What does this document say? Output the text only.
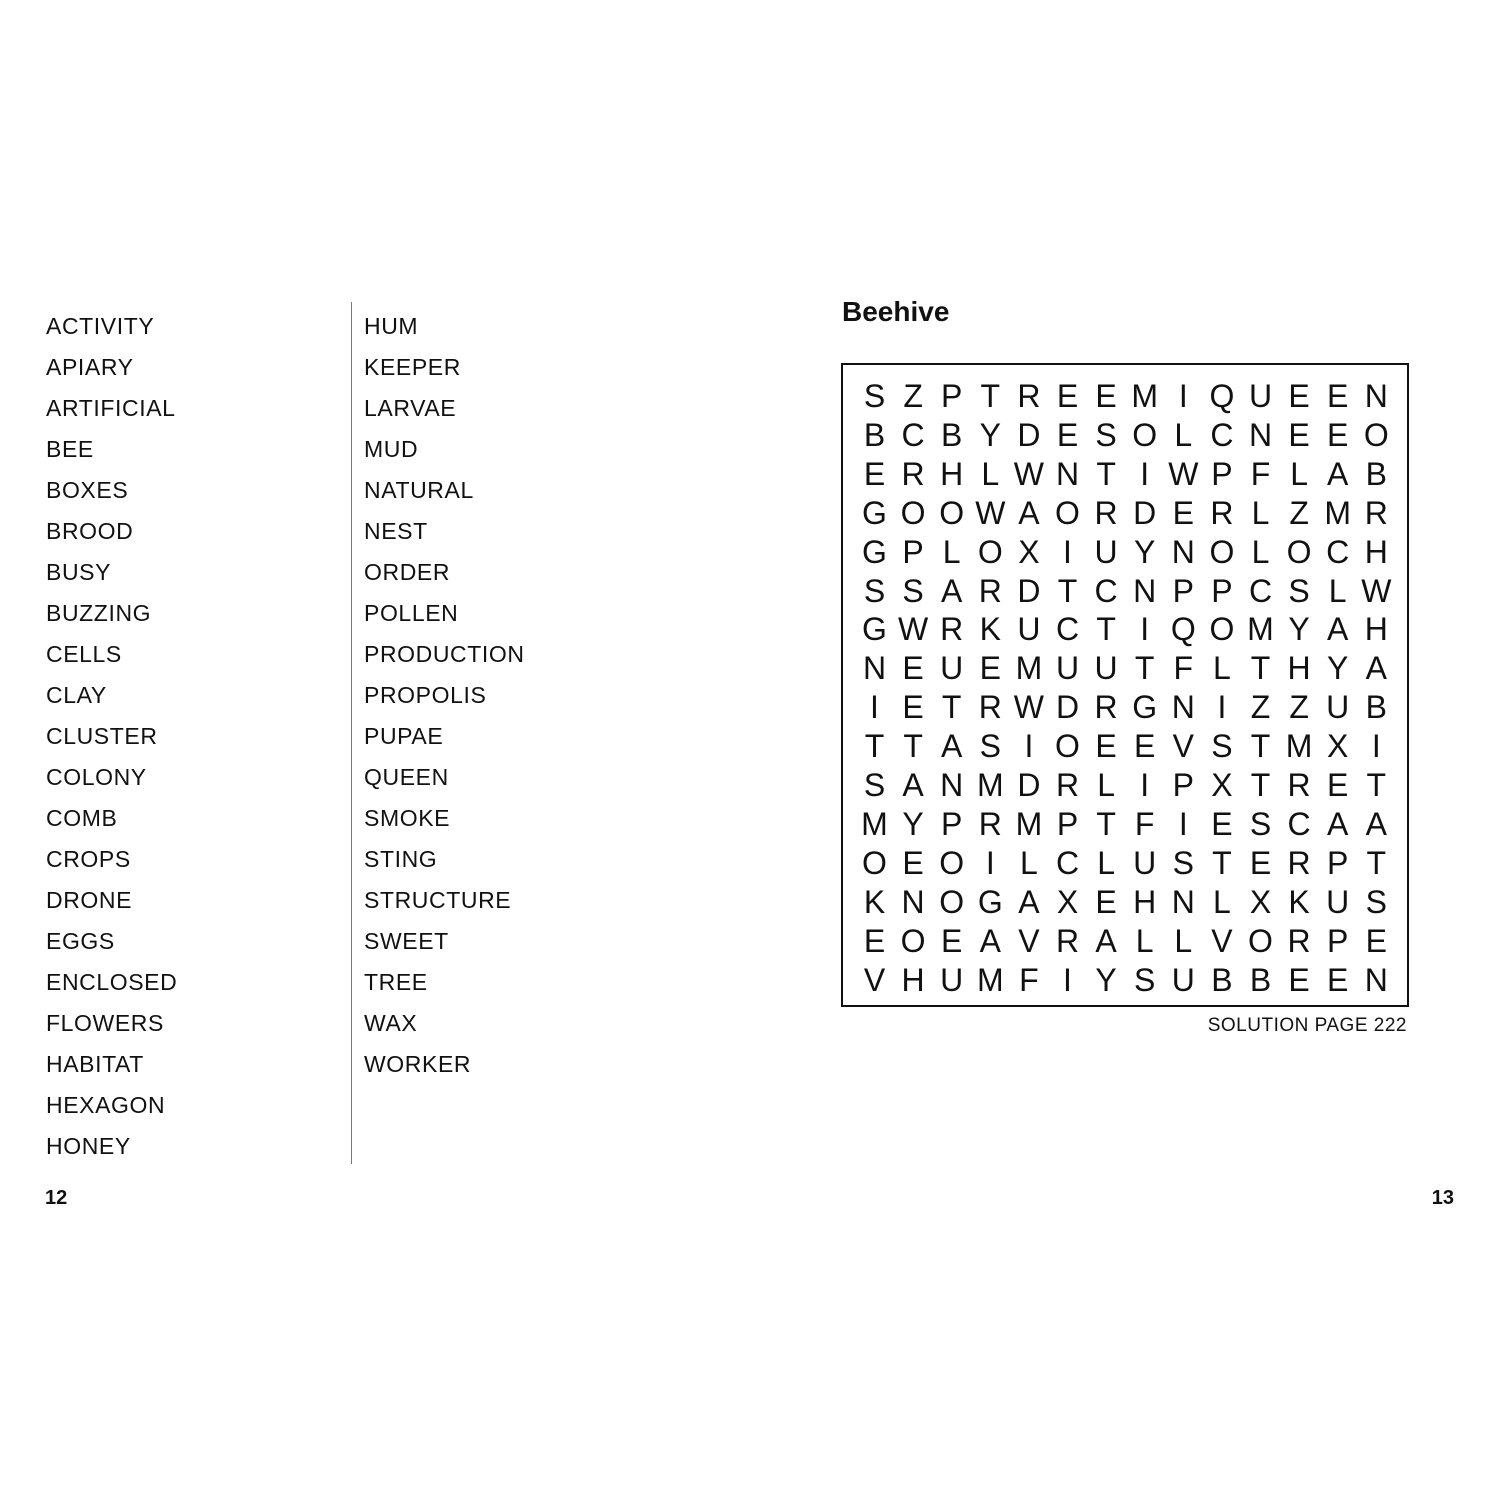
ACTIVITY
APIARY
ARTIFICIAL
BEE
BOXES
BROOD
BUSY
BUZZING
CELLS
CLAY
CLUSTER
COLONY
COMB
CROPS
DRONE
EGGS
ENCLOSED
FLOWERS
HABITAT
HEXAGON
HONEY
HUM
KEEPER
LARVAE
MUD
NATURAL
NEST
ORDER
POLLEN
PRODUCTION
PROPOLIS
PUPAE
QUEEN
SMOKE
STING
STRUCTURE
SWEET
TREE
WAX
WORKER
Beehive
S Z P T R E E M I Q U E E N
B C B Y D E S O L C N E E O
E R H L W N T I W P F L A B
G O O W A O R D E R L Z M R
G P L O X I U Y N O L O C H
S S A R D T C N P P C S L W
G W R K U C T I Q O M Y A H
N E U E M U U T F L T H Y A
I E T R W D R G N I Z Z U B
T T A S I O E E V S T M X I
S A N M D R L I P X T R E T
M Y P R M P T F I E S C A A
O E O I L C L U S T E R P T
K N O G A X E H N L X K U S
E O E A V R A L L V O R P E
V H U M F I Y S U B B E E N
SOLUTION PAGE 222
12	13
